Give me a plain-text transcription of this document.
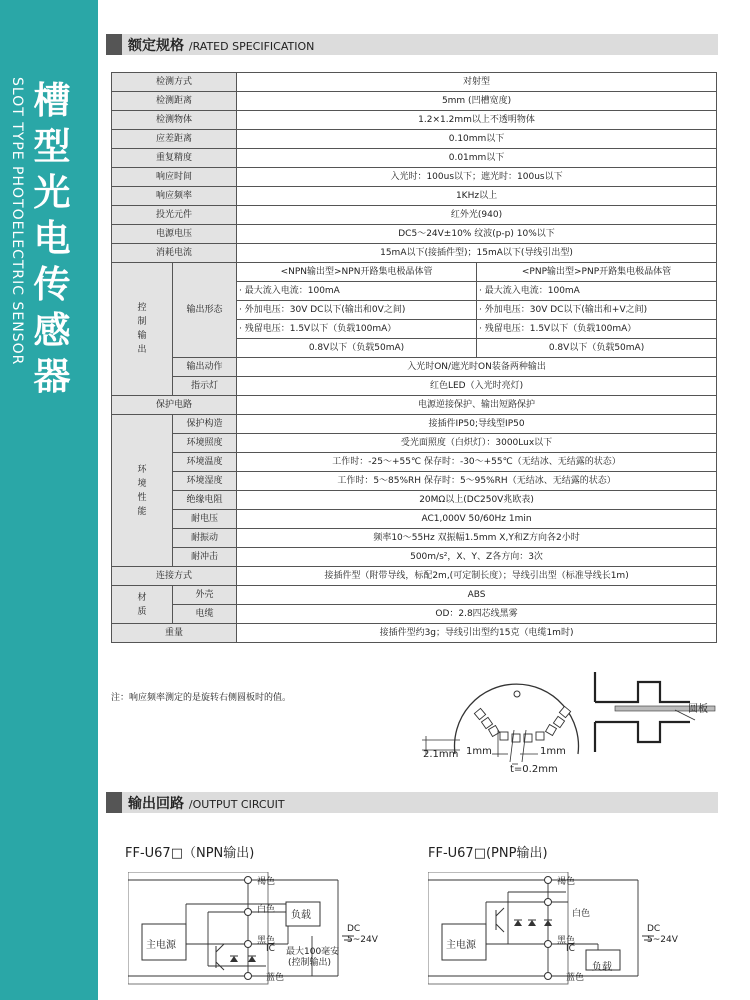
SLOT TYPE PHOTOELECTRIC SENSOR 槽型光电传感器
额定规格 /RATED SPECIFICATION
检测方式		对射型	
检测距离		5mm (凹槽宽度)	
检测物体		1.2×1.2mm以上不透明物体	
应差距离		0.10mm以下	
重复精度		0.01mm以下	
响应时间		入光时：100us以下；遮光时：100us以下	
响应频率		1KHz以上	
投光元件		红外光(940)	
电源电压		DC5～24V±10% 纹波(p-p) 10%以下	
消耗电流		15mA以下(接插件型)；15mA以下(导线引出型)	

控制输出	输出形态	<NPN输出型>NPN开路集电极晶体管	<PNP输出型>PNP开路集电极晶体管
		· 最大流入电流：100mA	· 最大流入电流：100mA
		· 外加电压：30V DC以下(输出和0V之间)	· 外加电压：30V DC以下(输出和+V之间)
		· 残留电压：1.5V以下（负载100mA）	· 残留电压：1.5V以下（负载100mA）
		0.8V以下（负载50mA)	0.8V以下（负载50mA)
	输出动作	入光时ON/遮光时ON装备两种输出	
	指示灯	红色LED（入光时亮灯)	
保护电路		电源逆接保护、输出短路保护	

环境性能	保护构造	接插件IP50;导线型IP50	
	环境照度	受光面照度（白炽灯）：3000Lux以下	
	环境温度	工作时：-25～+55℃ 保存时：-30～+55℃（无结冰、无结露的状态）	
	环境湿度	工作时：5～85%RH 保存时：5～95%RH（无结冰、无结露的状态）	
	绝缘电阻	20MΩ以上(DC250V兆欧表)	
	耐电压	AC1,000V 50/60Hz 1min	
	耐振动	频率10～55Hz 双振幅1.5mm X,Y和Z方向各2小时	
	耐冲击	500m/s²，X、Y、Z各方向：3次	
连接方式		接插件型（附带导线，标配2m,(可定制长度）；导线引出型（标准导线长1m)	

材质	外壳	ABS	
	电缆	OD：2.8四芯线黑雾	
重量		接插件型约3g；导线引出型约15克（电缆1m时)	
注：响应频率测定的是旋转右侧圆板时的值。
圆板
2.1mm 1mm	1mm
t=0.2mm
输出回路 /OUTPUT CIRCUIT
FF-U67□（NPN输出)	FF-U67□(PNP输出)
褐色
白色
黑色
IC
蓝色
主电源
负载
最大100毫安
(控制输出)
DC
5~24V
褐色
白色
黑色
IC
蓝色
主电源
负载
DC
5~24V
